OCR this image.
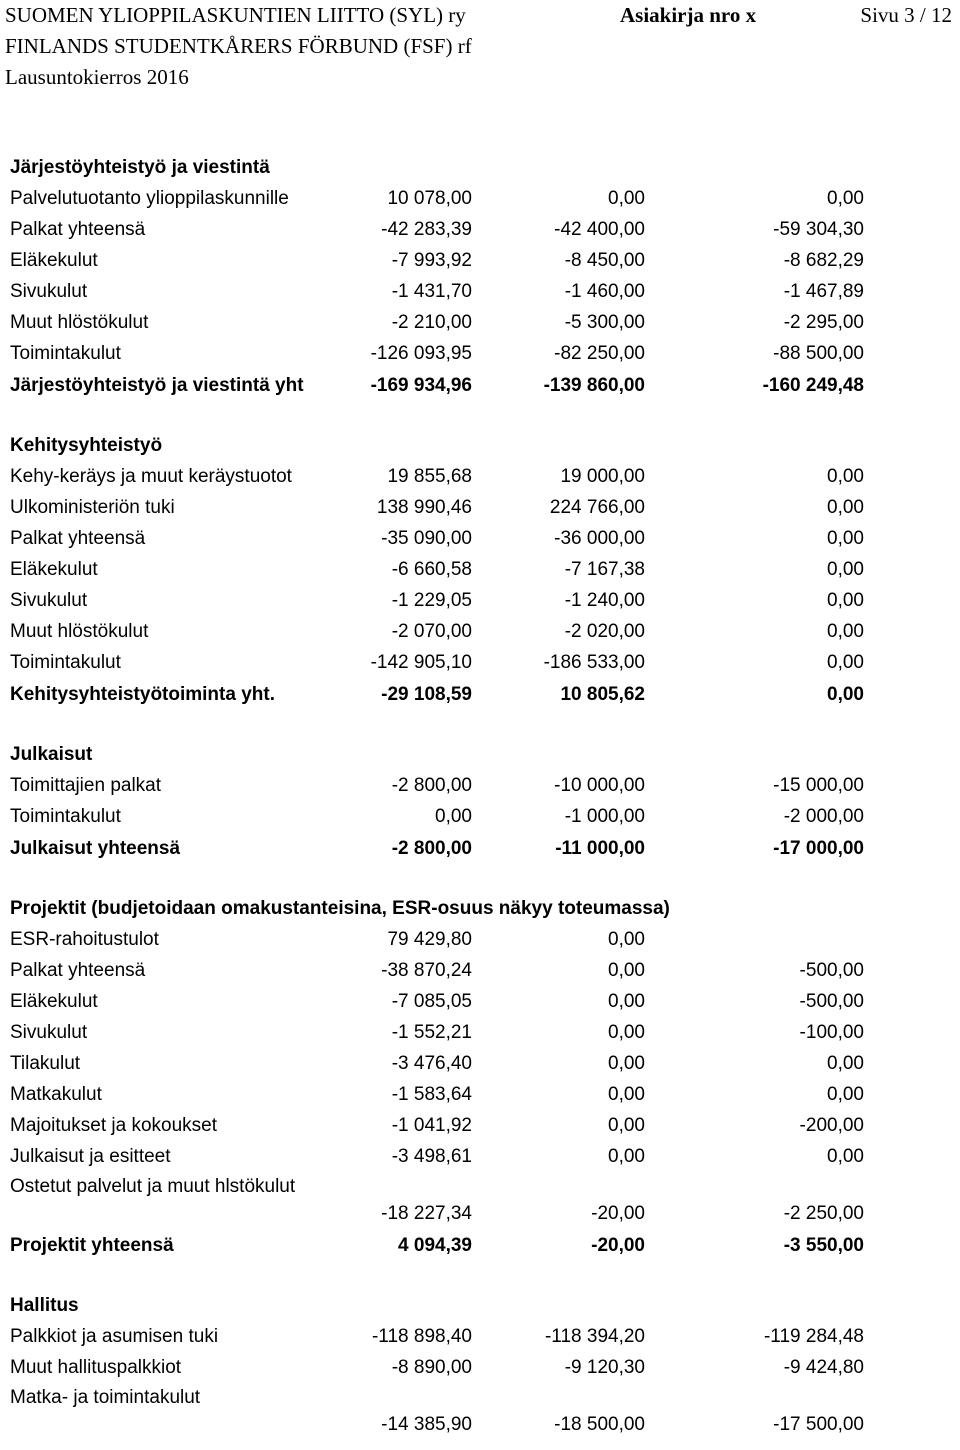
SUOMEN YLIOPPILASKUNTIEN LIITTO (SYL) ry	Asiakirja nro x	Sivu 3 / 12
FINLANDS STUDENTKÅRERS FÖRBUND (FSF) rf
Lausuntokierros 2016
Järjestöyhteistyö ja viestintä
Palvelutuotanto ylioppilaskunnille	10 078,00	0,00	0,00
Palkat yhteensä	-42 283,39	-42 400,00	-59 304,30
Eläkekulut	-7 993,92	-8 450,00	-8 682,29
Sivukulut	-1 431,70	-1 460,00	-1 467,89
Muut hlöstökulut	-2 210,00	-5 300,00	-2 295,00
Toimintakulut	-126 093,95	-82 250,00	-88 500,00
Järjestöyhteistyö ja viestintä yht	-169 934,96	-139 860,00	-160 249,48
Kehitysyhteistyö
Kehy-keräys ja muut keräystuotot	19 855,68	19 000,00	0,00
Ulkoministeriön tuki	138 990,46	224 766,00	0,00
Palkat yhteensä	-35 090,00	-36 000,00	0,00
Eläkekulut	-6 660,58	-7 167,38	0,00
Sivukulut	-1 229,05	-1 240,00	0,00
Muut hlöstökulut	-2 070,00	-2 020,00	0,00
Toimintakulut	-142 905,10	-186 533,00	0,00
Kehitysyhteistyötoiminta yht.	-29 108,59	10 805,62	0,00
Julkaisut
Toimittajien palkat	-2 800,00	-10 000,00	-15 000,00
Toimintakulut	0,00	-1 000,00	-2 000,00
Julkaisut yhteensä	-2 800,00	-11 000,00	-17 000,00
Projektit (budjetoidaan omakustanteisina, ESR-osuus näkyy toteumassa)
ESR-rahoitustulot	79 429,80	0,00
Palkat yhteensä	-38 870,24	0,00	-500,00
Eläkekulut	-7 085,05	0,00	-500,00
Sivukulut	-1 552,21	0,00	-100,00
Tilakulut	-3 476,40	0,00	0,00
Matkakulut	-1 583,64	0,00	0,00
Majoitukset ja kokoukset	-1 041,92	0,00	-200,00
Julkaisut ja esitteet	-3 498,61	0,00	0,00
Ostetut palvelut ja muut hlstökulut
-18 227,34	-20,00	-2 250,00
Projektit yhteensä	4 094,39	-20,00	-3 550,00
Hallitus
Palkkiot ja asumisen tuki	-118 898,40	-118 394,20	-119 284,48
Muut hallituspalkkiot	-8 890,00	-9 120,30	-9 424,80
Matka- ja toimintakulut
-14 385,90	-18 500,00	-17 500,00
